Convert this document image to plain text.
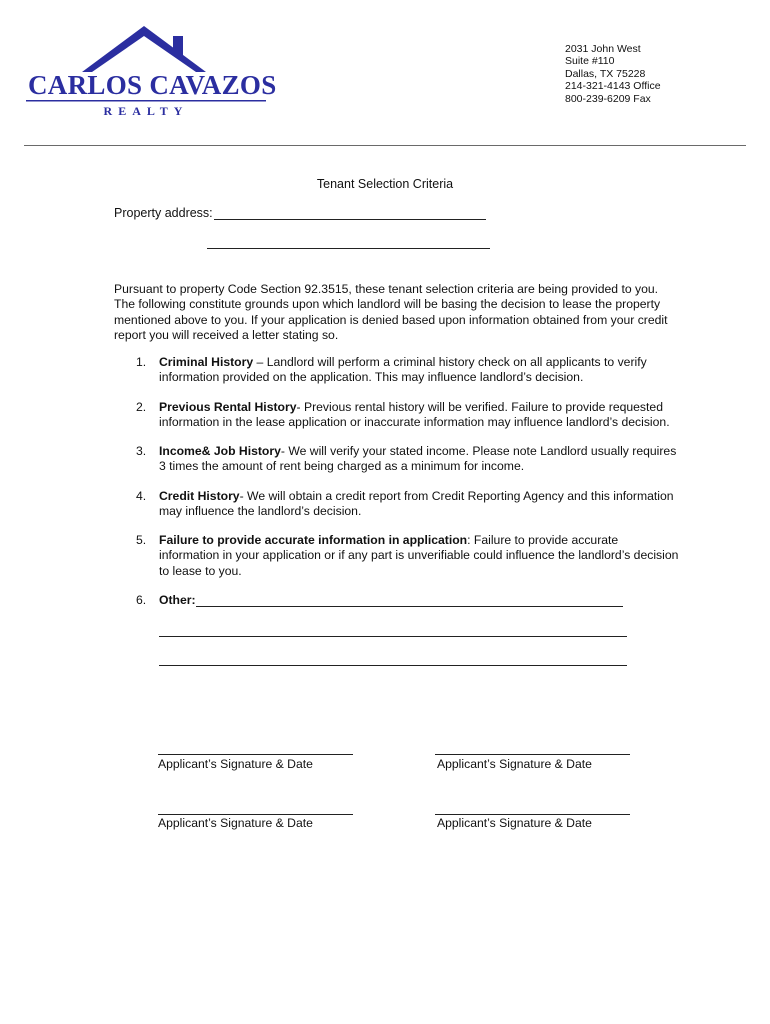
CARLOS CAVAZOS
REALTY
2031 John West
Suite #110
Dallas, TX 75228
214-321-4143 Office
800-239-6209 Fax
Tenant Selection Criteria
Property address:
Pursuant to property Code Section 92.3515, these tenant selection criteria are being provided to you. The following constitute grounds upon which landlord will be basing the decision to lease the property mentioned above to you. If your application is denied based upon information obtained from your credit report you will received a letter stating so.
1.	Criminal History – Landlord will perform a criminal history check on all applicants to verify information provided on the application. This may influence landlord’s decision.
2.	Previous Rental History- Previous rental history will be verified. Failure to provide requested information in the lease application or inaccurate information may influence landlord’s decision.
3.	Income& Job History- We will verify your stated income. Please note Landlord usually requires 3 times the amount of rent being charged as a minimum for income.
4.	Credit History- We will obtain a credit report from Credit Reporting Agency and this information may influence the landlord’s decision.
5.	Failure to provide accurate information in application: Failure to provide accurate information in your application or if any part is unverifiable could influence the landlord’s decision to lease to you.
6.	Other:
Applicant’s Signature & Date	Applicant’s Signature & Date
Applicant’s Signature & Date	Applicant’s Signature & Date
